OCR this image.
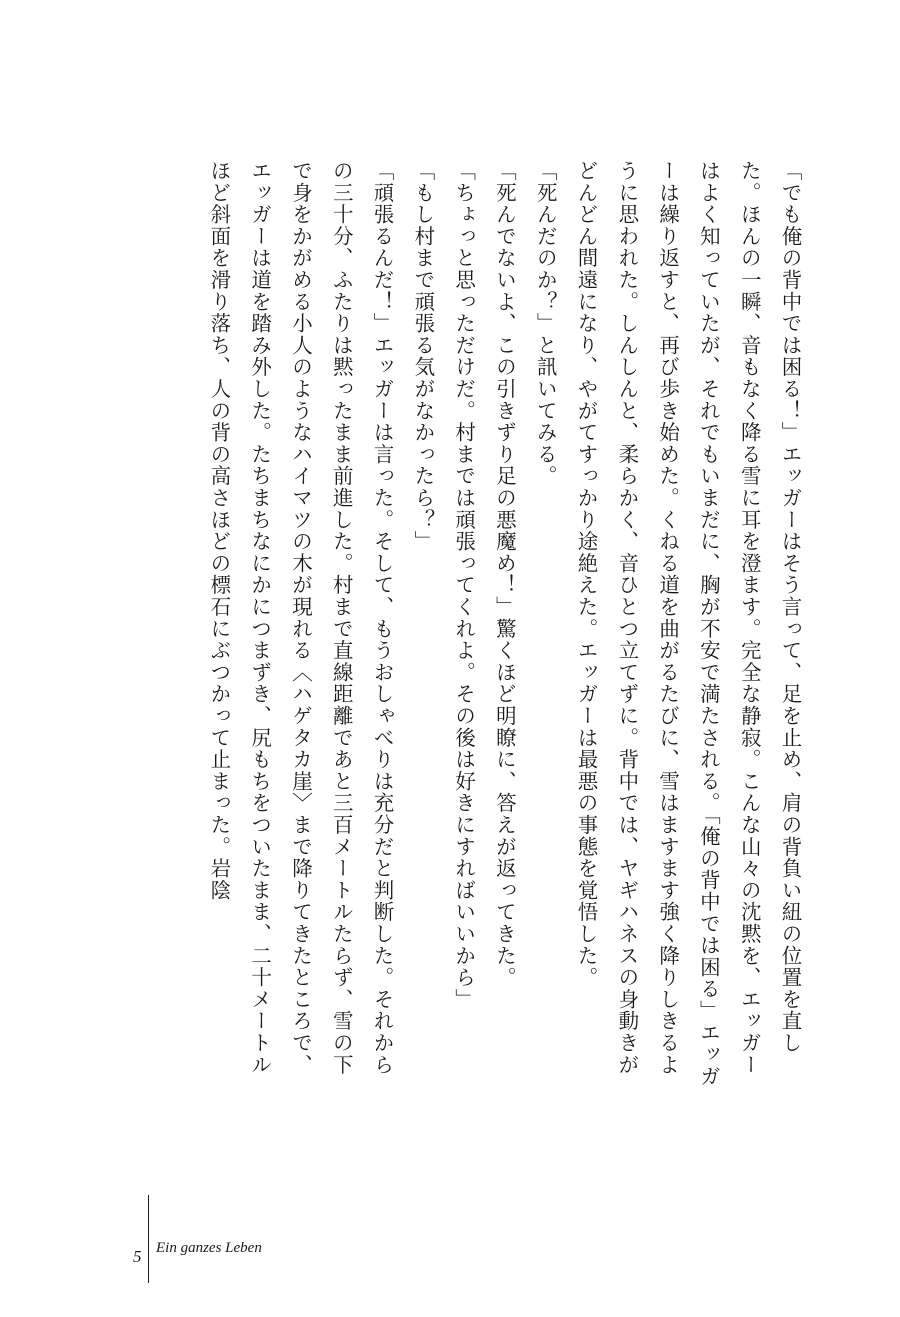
「でも俺の背中では困る！」エッガーはそう言って、足を止め、肩の背負い紐の位置を直した。ほんの一瞬、音もなく降る雪に耳を澄ます。完全な静寂。こんな山々の沈黙を、エッガーはよく知っていたが、それでもいまだに、胸が不安で満たされる。「俺の背中では困る」エッガーは繰り返すと、再び歩き始めた。くねる道を曲がるたびに、雪はますます強く降りしきるように思われた。しんしんと、柔らかく、音ひとつ立てずに。背中では、ヤギハネスの身動きがどんどん間遠になり、やがてすっかり途絶えた。エッガーは最悪の事態を覚悟した。

「死んだのか？」と訊いてみる。

「死んでないよ、この引きずり足の悪魔め！」驚くほど明瞭に、答えが返ってきた。

「ちょっと思っただけだ。村までは頑張ってくれよ。その後は好きにすればいいから」

「もし村まで頑張る気がなかったら？」

「頑張るんだ！」エッガーは言った。そして、もうおしゃべりは充分だと判断した。それからの三十分、ふたりは黙ったまま前進した。村まで直線距離であと三百メートルたらず、雪の下で身をかがめる小人のようなハイマツの木が現れる〈ハゲタカ崖〉まで降りてきたところで、エッガーは道を踏み外した。たちまちなにかにつまずき、尻もちをついたまま、二十メートルほど斜面を滑り落ち、人の背の高さほどの標石にぶつかって止まった。岩陰

5 Ein ganzes Leben
